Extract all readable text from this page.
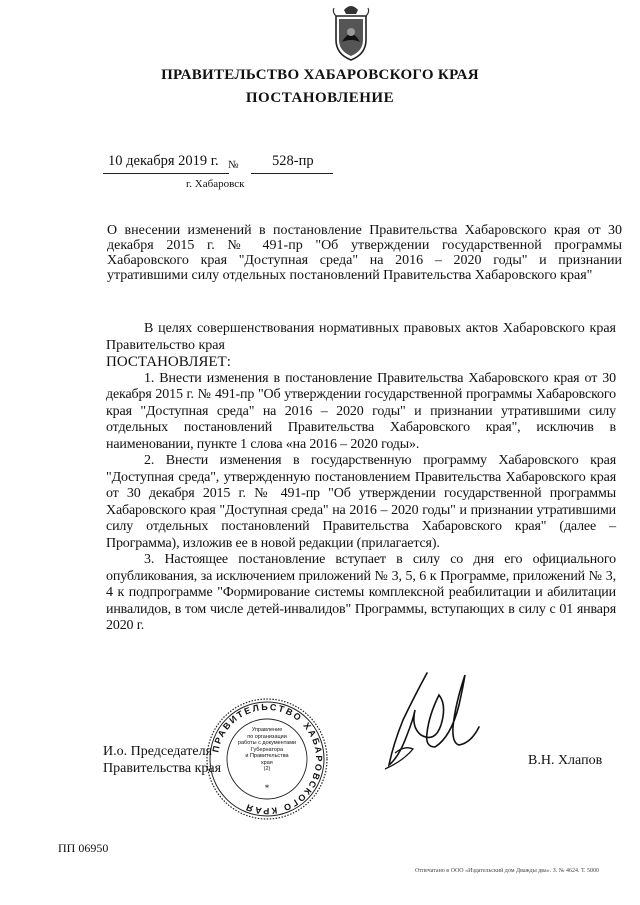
ПРАВИТЕЛЬСТВО ХАБАРОВСКОГО КРАЯ
ПОСТАНОВЛЕНИЕ
10 декабря 2019 г. № 528-пр
г. Хабаровск
О внесении изменений в постановление Правительства Хабаровского края от 30 декабря 2015 г. № 491-пр "Об утверждении государственной программы Хабаровского края "Доступная среда" на 2016 – 2020 годы" и признании утратившими силу отдельных постановлений Правительства Хабаровского края"

В целях совершенствования нормативных правовых актов Хабаровского края Правительство края

ПОСТАНОВЛЯЕТ:

1. Внести изменения в постановление Правительства Хабаровского края от 30 декабря 2015 г. № 491-пр "Об утверждении государственной программы Хабаровского края "Доступная среда" на 2016 – 2020 годы" и признании утратившими силу отдельных постановлений Правительства Хабаровского края", исключив в наименовании, пункте 1 слова «на 2016 – 2020 годы».

2. Внести изменения в государственную программу Хабаровского края "Доступная среда", утвержденную постановлением Правительства Хабаровского края от 30 декабря 2015 г. № 491-пр "Об утверждении государственной программы Хабаровского края "Доступная среда" на 2016 – 2020 годы" и признании утратившими силу отдельных постановлений Правительства Хабаровского края" (далее – Программа), изложив ее в новой редакции (прилагается).

3. Настоящее постановление вступает в силу со дня его официального опубликования, за исключением приложений № 3, 5, 6 к Программе, приложений № 3, 4 к подпрограмме "Формирование системы комплексной реабилитации и абилитации инвалидов, в том числе детей-инвалидов" Программы, вступающих в силу с 01 января 2020 г.

ПРАВИТЕЛЬСТВО ХАБАРОВСКОГО КРАЯ
*
Управление
по организации
работы с документами
Губернатора
и Правительства
края
(2)
И.о. Председателя
Правительства края
В.Н. Хлапов
ПП 06950
Отпечатано в ООО «Издательский дом Дважды два». З. № 4624. Т. 5000
